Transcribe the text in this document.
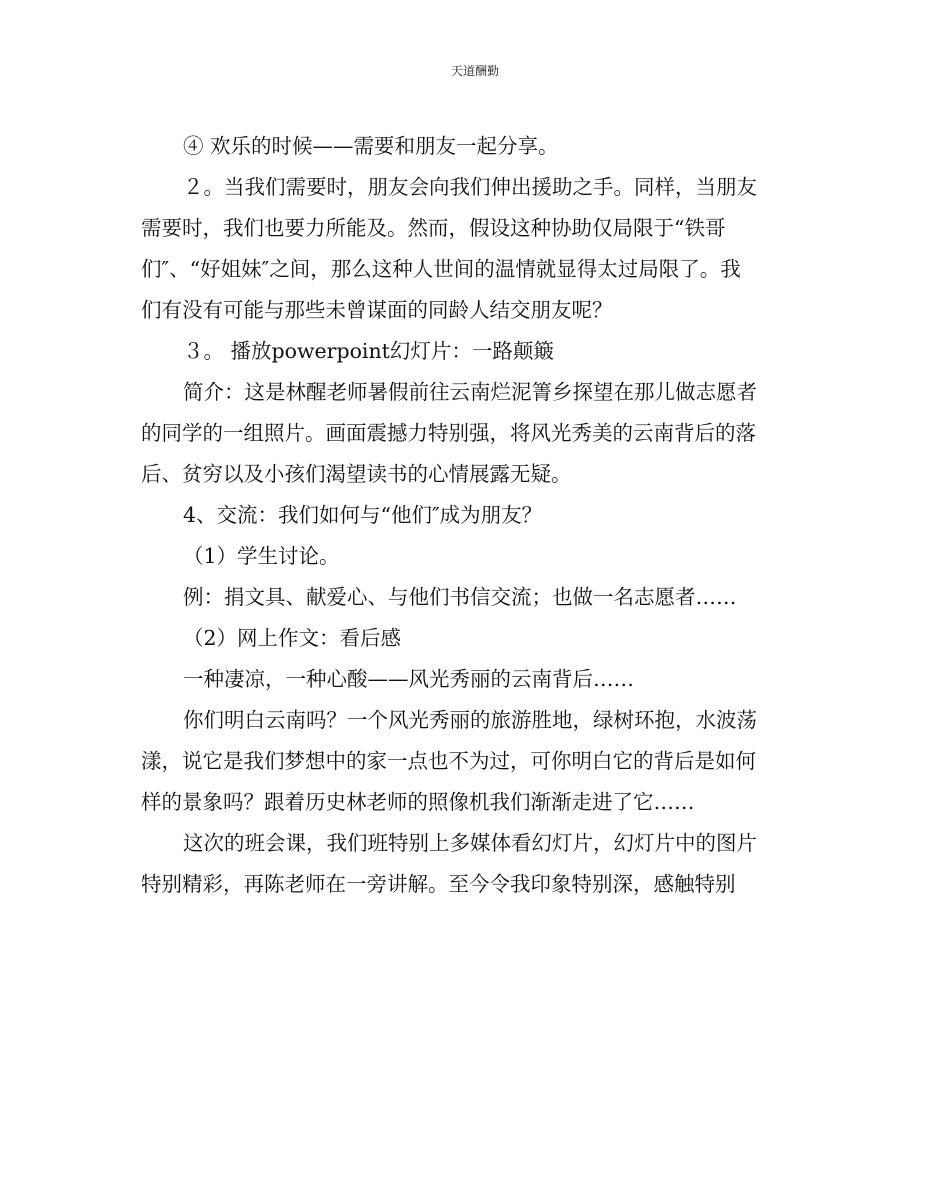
天道酬勤

④ 欢乐的时候——需要和朋友一起分享。

２。当我们需要时，朋友会向我们伸出援助之手。同样，当朋友

需要时，我们也要力所能及。然而，假设这种协助仅局限于“铁哥

们″、“好姐妹″之间，那么这种人世间的温情就显得太过局限了。我

们有没有可能与那些未曾谋面的同龄人结交朋友呢？

３。 播放powerpoint幻灯片：一路颠簸

简介：这是林醒老师暑假前往云南烂泥箐乡探望在那儿做志愿者

的同学的一组照片。画面震撼力特别强，将风光秀美的云南背后的落

后、贫穷以及小孩们渴望读书的心情展露无疑。

4、交流：我们如何与“他们″成为朋友？

（1）学生讨论。

例：捐文具、献爱心、与他们书信交流；也做一名志愿者……

（2）网上作文：看后感

一种凄凉，一种心酸——风光秀丽的云南背后……

你们明白云南吗？一个风光秀丽的旅游胜地，绿树环抱，水波荡

漾，说它是我们梦想中的家一点也不为过，可你明白它的背后是如何

样的景象吗？跟着历史林老师的照像机我们渐渐走进了它……

这次的班会课，我们班特别上多媒体看幻灯片，幻灯片中的图片

特别精彩，再陈老师在一旁讲解。至今令我印象特别深，感触特别
